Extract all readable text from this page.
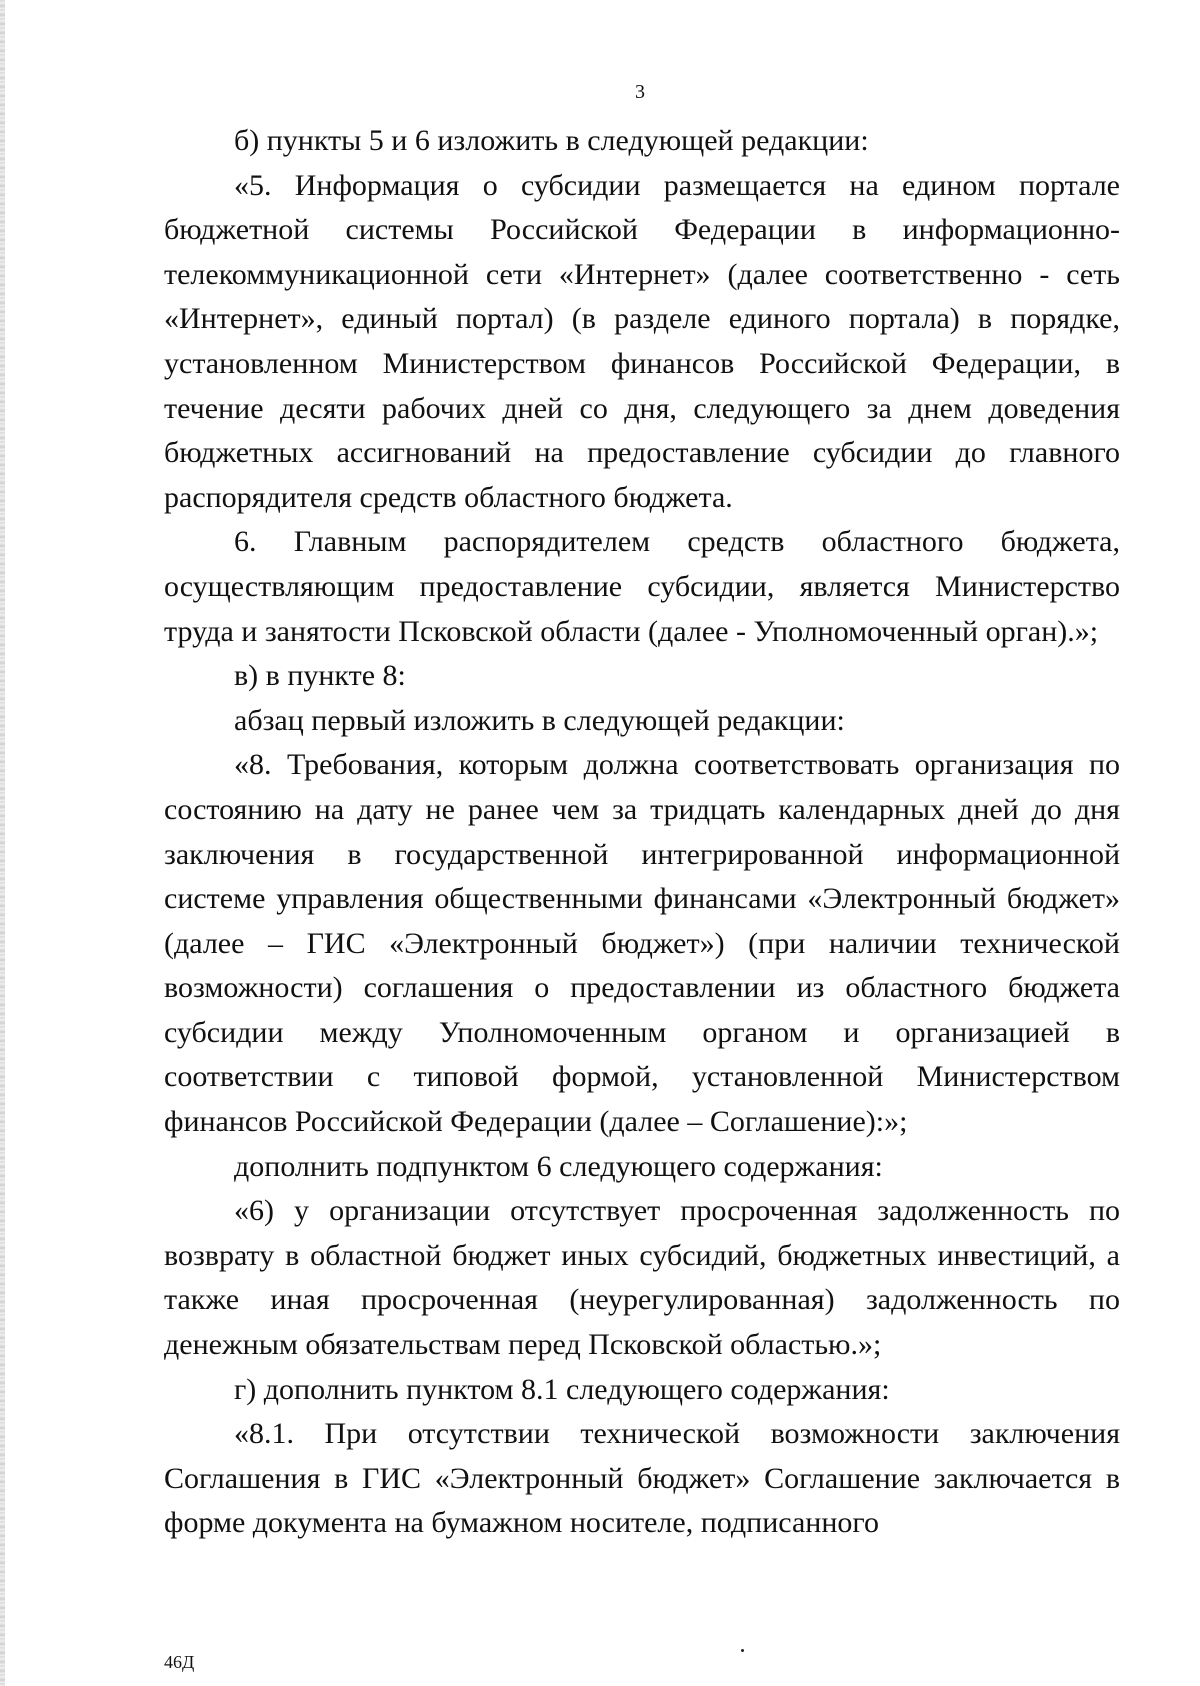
3

б) пункты 5 и 6 изложить в следующей редакции:

«5. Информация о субсидии размещается на едином портале бюджетной системы Российской Федерации в информационно-телекоммуникационной сети «Интернет» (далее соответственно - сеть «Интернет», единый портал) (в разделе единого портала) в порядке, установленном Министерством финансов Российской Федерации, в течение десяти рабочих дней со дня, следующего за днем доведения бюджетных ассигнований на предоставление субсидии до главного распорядителя средств областного бюджета.

6. Главным распорядителем средств областного бюджета, осуществляющим предоставление субсидии, является Министерство труда и занятости Псковской области (далее - Уполномоченный орган).»;

в) в пункте 8:

абзац первый изложить в следующей редакции:

«8. Требования, которым должна соответствовать организация по состоянию на дату не ранее чем за тридцать календарных дней до дня заключения в государственной интегрированной информационной системе управления общественными финансами «Электронный бюджет» (далее – ГИС «Электронный бюджет») (при наличии технической возможности) соглашения о предоставлении из областного бюджета субсидии между Уполномоченным органом и организацией в соответствии с типовой формой, установленной Министерством финансов Российской Федерации (далее – Соглашение):»;

дополнить подпунктом 6 следующего содержания:

«6) у организации отсутствует просроченная задолженность по возврату в областной бюджет иных субсидий, бюджетных инвестиций, а также иная просроченная (неурегулированная) задолженность по денежным обязательствам перед Псковской областью.»;

г) дополнить пунктом 8.1 следующего содержания:

«8.1. При отсутствии технической возможности заключения Соглашения в ГИС «Электронный бюджет» Соглашение заключается в форме документа на бумажном носителе, подписанного

46Д
